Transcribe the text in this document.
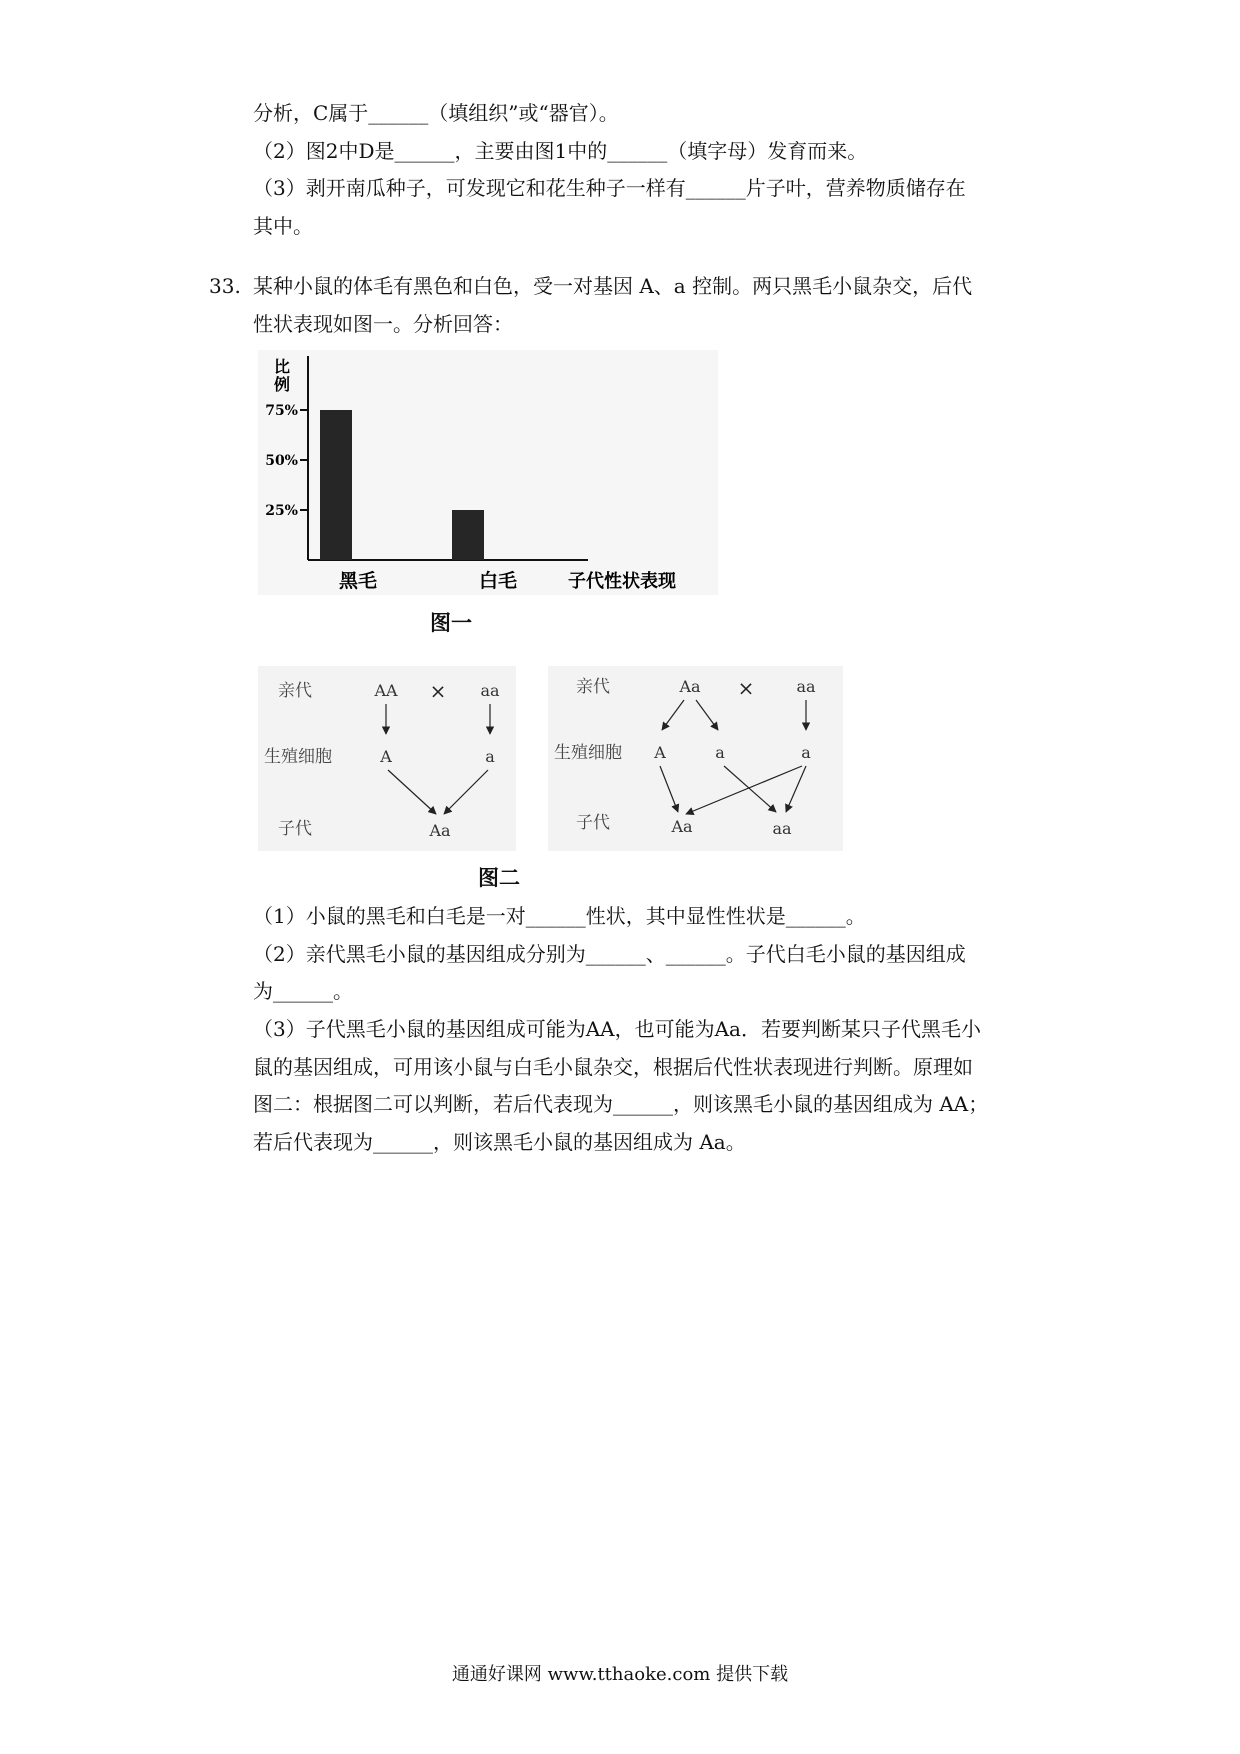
分析，C属于______（填组织”或“器官）。
（2）图2中D是______，主要由图1中的______（填字母）发育而来。
（3）剥开南瓜种子，可发现它和花生种子一样有______片子叶，营养物质储存在
其中。
33. 某种小鼠的体毛有黑色和白色，受一对基因 A、a 控制。两只黑毛小鼠杂交，后代
性状表现如图一。分析回答：
比
例
75%
50%
25%
黑毛	白毛	子代性状表现
图一
亲代	AA × aa
生殖细胞	A	a
子代	Aa
亲代	Aa ×	aa
生殖细胞 A	a	a
子代	Aa	aa
图二
（1）小鼠的黑毛和白毛是一对______性状，其中显性性状是______。
（2）亲代黑毛小鼠的基因组成分别为______、______。子代白毛小鼠的基因组成
为______。
（3）子代黑毛小鼠的基因组成可能为AA，也可能为Aa．若要判断某只子代黑毛小
鼠的基因组成，可用该小鼠与白毛小鼠杂交，根据后代性状表现进行判断。原理如
图二：根据图二可以判断，若后代表现为______，则该黑毛小鼠的基因组成为 AA；
若后代表现为______，则该黑毛小鼠的基因组成为 Aa。
通通好课网 www.tthaoke.com 提供下载
